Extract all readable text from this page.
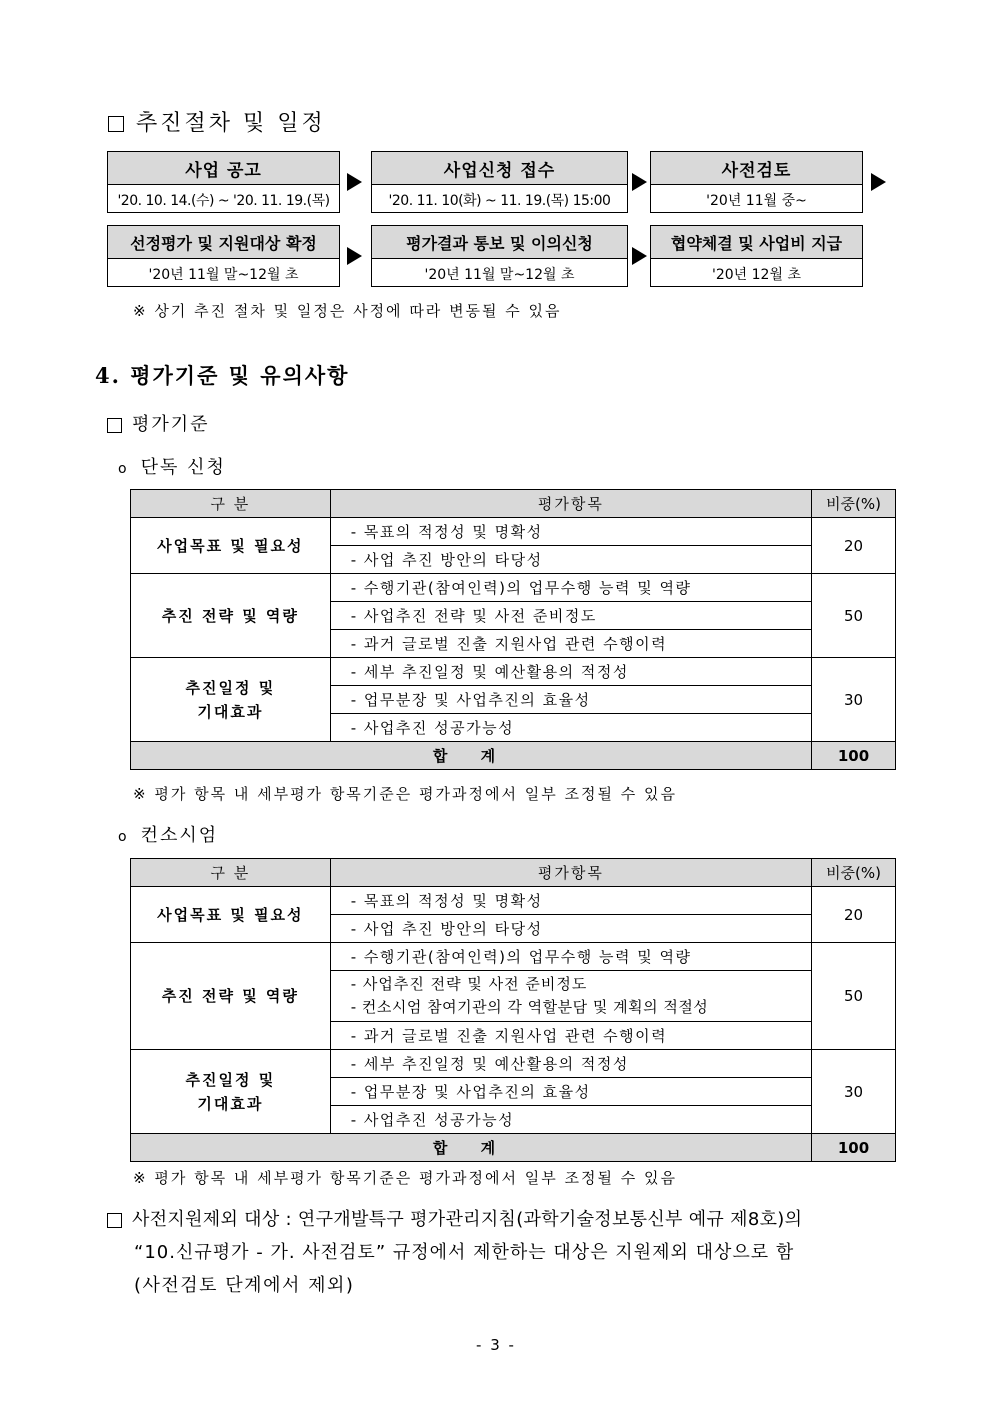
추진절차 및 일정
사업 공고
'20. 10. 14.(수) ~ '20. 11. 19.(목)
사업신청 접수
'20. 11. 10(화) ~ 11. 19.(목) 15:00
사전검토
'20년 11월 중~
선정평가 및 지원대상 확정
'20년 11월 말~12월 초
평가결과 통보 및 이의신청
'20년 11월 말~12월 초
협약체결 및 사업비 지급
'20년 12월 초
※ 상기 추진 절차 및 일정은 사정에 따라 변동될 수 있음
4. 평가기준 및 유의사항
평가기준
o 단독 신청
구 분	평가항목	비중(%)
사업목표 및 필요성	- 목표의 적정성 및 명확성	20
	- 사업 추진 방안의 타당성	
추진 전략 및 역량	- 수행기관(참여인력)의 업무수행 능력 및 역량	50
	- 사업추진 전략 및 사전 준비정도	
	- 과거 글로벌 진출 지원사업 관련 수행이력	

추진일정 및
기대효과	- 세부 추진일정 및 예산활용의 적정성	30
	- 업무분장 및 사업추진의 효율성	
	- 사업추진 성공가능성	
합 계		100
※ 평가 항목 내 세부평가 항목기준은 평가과정에서 일부 조정될 수 있음
o 컨소시엄
구 분	평가항목	비중(%)
사업목표 및 필요성	- 목표의 적정성 및 명확성	20
	- 사업 추진 방안의 타당성	
추진 전략 및 역량	- 수행기관(참여인력)의 업무수행 능력 및 역량	50

	- 사업추진 전략 및 사전 준비정도
- 컨소시엄 참여기관의 각 역할분담 및 계획의 적절성	

	- 과거 글로벌 진출 지원사업 관련 수행이력	

추진일정 및
기대효과	- 세부 추진일정 및 예산활용의 적정성	30
	- 업무분장 및 사업추진의 효율성	
	- 사업추진 성공가능성	
합 계		100
※ 평가 항목 내 세부평가 항목기준은 평가과정에서 일부 조정될 수 있음
사전지원제외 대상 : 연구개발특구 평가관리지침(과학기술정보통신부 예규 제8호)의
“10.신규평가 - 가. 사전검토” 규정에서 제한하는 대상은 지원제외 대상으로 함
(사전검토 단계에서 제외)
- 3 -
